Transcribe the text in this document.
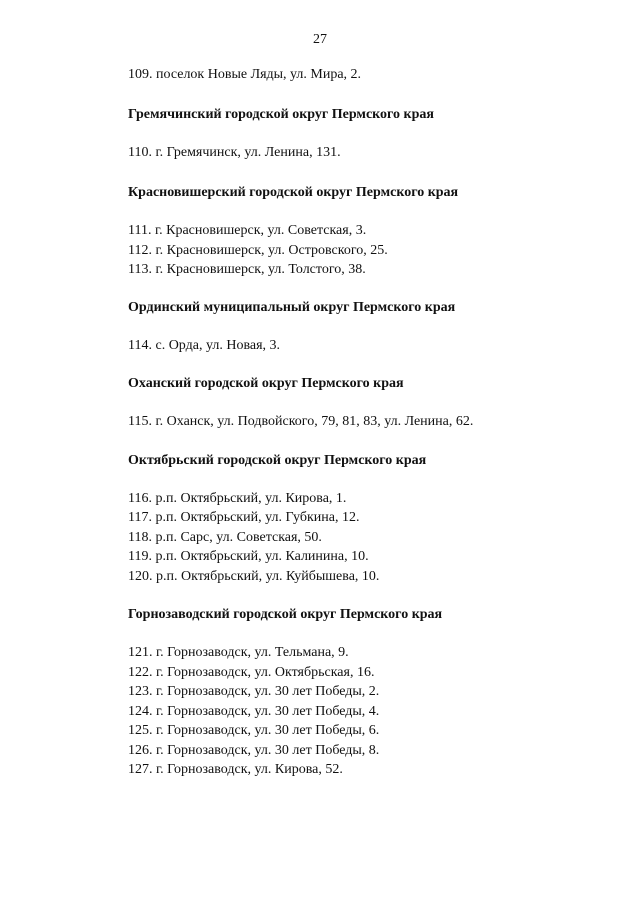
27

109. поселок Новые Ляды, ул. Мира, 2.

Гремячинский городской округ Пермского края

110. г. Гремячинск, ул. Ленина, 131.

Красновишерский городской округ Пермского края

111. г. Красновишерск, ул. Советская, 3.

112. г. Красновишерск, ул. Островского, 25.

113. г. Красновишерск, ул. Толстого, 38.

Ординский муниципальный округ Пермского края

114. с. Орда, ул. Новая, 3.

Оханский городской округ Пермского края

115. г. Оханск, ул. Подвойского, 79, 81, 83, ул. Ленина, 62.

Октябрьский городской округ Пермского края

116. р.п. Октябрьский, ул. Кирова, 1.

117. р.п. Октябрьский, ул. Губкина, 12.

118. р.п. Сарс, ул. Советская, 50.

119. р.п. Октябрьский, ул. Калинина, 10.

120. р.п. Октябрьский, ул. Куйбышева, 10.

Горнозаводский городской округ Пермского края

121. г. Горнозаводск, ул. Тельмана, 9.

122. г. Горнозаводск, ул. Октябрьская, 16.

123. г. Горнозаводск, ул. 30 лет Победы, 2.

124. г. Горнозаводск, ул. 30 лет Победы, 4.

125. г. Горнозаводск, ул. 30 лет Победы, 6.

126. г. Горнозаводск, ул. 30 лет Победы, 8.

127. г. Горнозаводск, ул. Кирова, 52.
